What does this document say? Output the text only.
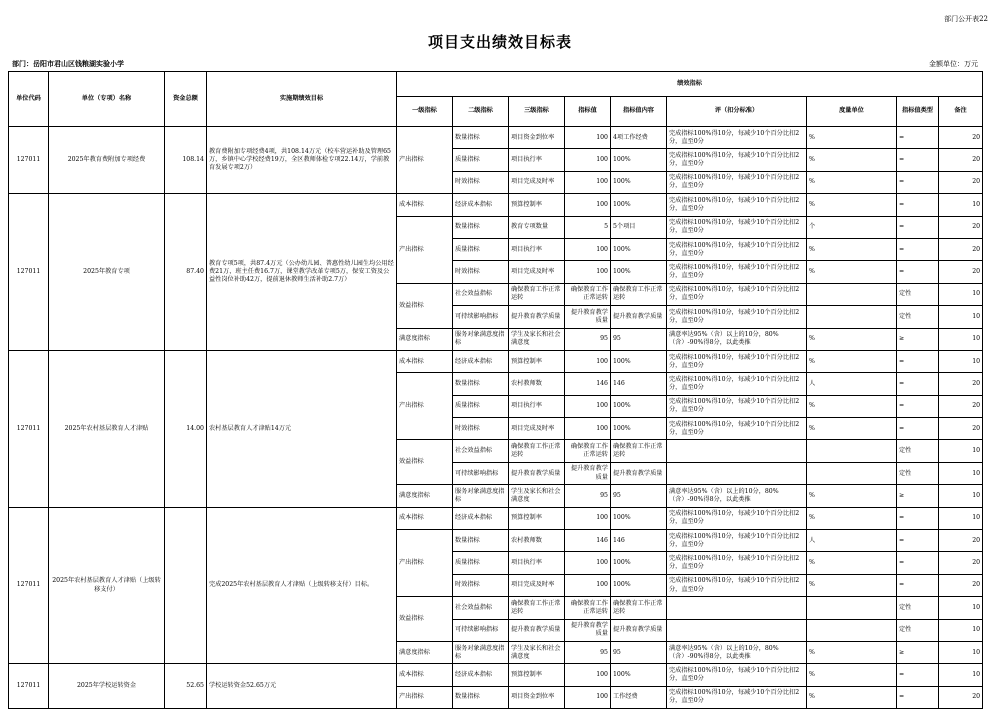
部门公开表22
项目支出绩效目标表
部门：岳阳市君山区钱粮湖实验小学	金额单位：万元
单位代码	单位（专项）名称	资金总额	实施期绩效目标	绩效指标								
				一级指标	二级指标	三级指标	指标值	指标值内容	评（扣分标准）	度量单位	指标值类型	备注
127011	2025年教育费附加专项经费	108.14	教育费附加专项经费4项，共108.14万元（校车营运补助及管理65万，乡镇中心学校经费19万，全区教师体检专项22.14万，学前教育发展专项2万）	产出指标	数量指标	项目资金到位率	100	4项工作经费	完成指标100%得10分，每减少10个百分比扣2分，直至0分	%	=	20
					质量指标	项目执行率	100	100%	完成指标100%得10分，每减少10个百分比扣2分，直至0分	%	=	20
					时效指标	项目完成及时率	100	100%	完成指标100%得10分，每减少10个百分比扣2分，直至0分	%	=	20
127011	2025年教育专项	87.40	教育专项5项，共87.4万元（公办幼儿园、普惠性幼儿园生均公用经费21万，班主任费16.7万，课堂教学改革专项5万，保安工资及公益性岗位补助42万，提前退休教师生活补助2.7万）	成本指标	经济成本指标	预算控制率	100	100%	完成指标100%得10分，每减少10个百分比扣2分，直至0分	%	=	10
				产出指标	数量指标	教育专项数量	5	5个项目	完成指标100%得10分，每减少10个百分比扣2分，直至0分	个	=	20
					质量指标	项目执行率	100	100%	完成指标100%得10分，每减少10个百分比扣2分，直至0分	%	=	20
					时效指标	项目完成及时率	100	100%	完成指标100%得10分，每减少10个百分比扣2分，直至0分	%	=	20
				效益指标	社会效益指标	确保教育工作正常运转	确保教育工作正常运转	确保教育工作正常运转	完成指标100%得10分，每减少10个百分比扣2分，直至0分		定性	10
					可持续影响指标	提升教育教学质量	提升教育教学质量	提升教育教学质量	完成指标100%得10分，每减少10个百分比扣2分，直至0分		定性	10
				满意度指标	服务对象满意度指标	学生及家长和社会满意度	95	95	满意率达95%（含）以上的10分，80%（含）-90%得8分，以此类推	%	≥	10
127011	2025年农村基层教育人才津贴	14.00	农村基层教育人才津贴14万元	成本指标	经济成本指标	预算控制率	100	100%	完成指标100%得10分，每减少10个百分比扣2分，直至0分	%	=	10
				产出指标	数量指标	农村教师数	146	146	完成指标100%得10分，每减少10个百分比扣2分，直至0分	人	=	20
					质量指标	项目执行率	100	100%	完成指标100%得10分，每减少10个百分比扣2分，直至0分	%	=	20
					时效指标	项目完成及时率	100	100%	完成指标100%得10分，每减少10个百分比扣2分，直至0分	%	=	20
				效益指标	社会效益指标	确保教育工作正常运转	确保教育工作正常运转	确保教育工作正常运转			定性	10
					可持续影响指标	提升教育教学质量	提升教育教学质量	提升教育教学质量			定性	10
				满意度指标	服务对象满意度指标	学生及家长和社会满意度	95	95	满意率达95%（含）以上的10分，80%（含）-90%得8分，以此类推	%	≥	10
127011	2025年农村基层教育人才津贴（上级转移支付）		完成2025年农村基层教育人才津贴（上级转移支付）目标。	成本指标	经济成本指标	预算控制率	100	100%	完成指标100%得10分，每减少10个百分比扣2分，直至0分	%	=	10
				产出指标	数量指标	农村教师数	146	146	完成指标100%得10分，每减少10个百分比扣2分，直至0分	人	=	20
					质量指标	项目执行率	100	100%	完成指标100%得10分，每减少10个百分比扣2分，直至0分	%	=	20
					时效指标	项目完成及时率	100	100%	完成指标100%得10分，每减少10个百分比扣2分，直至0分	%	=	20
				效益指标	社会效益指标	确保教育工作正常运转	确保教育工作正常运转	确保教育工作正常运转			定性	10
					可持续影响指标	提升教育教学质量	提升教育教学质量	提升教育教学质量			定性	10
				满意度指标	服务对象满意度指标	学生及家长和社会满意度	95	95	满意率达95%（含）以上的10分，80%（含）-90%得8分，以此类推	%	≥	10
127011	2025年学校运转资金	52.65	学校运转资金52.65万元	成本指标	经济成本指标	预算控制率	100	100%	完成指标100%得10分，每减少10个百分比扣2分，直至0分	%	=	10
				产出指标	数量指标	项目资金到位率	100	工作经费	完成指标100%得10分，每减少10个百分比扣2分，直至0分	%	=	20
